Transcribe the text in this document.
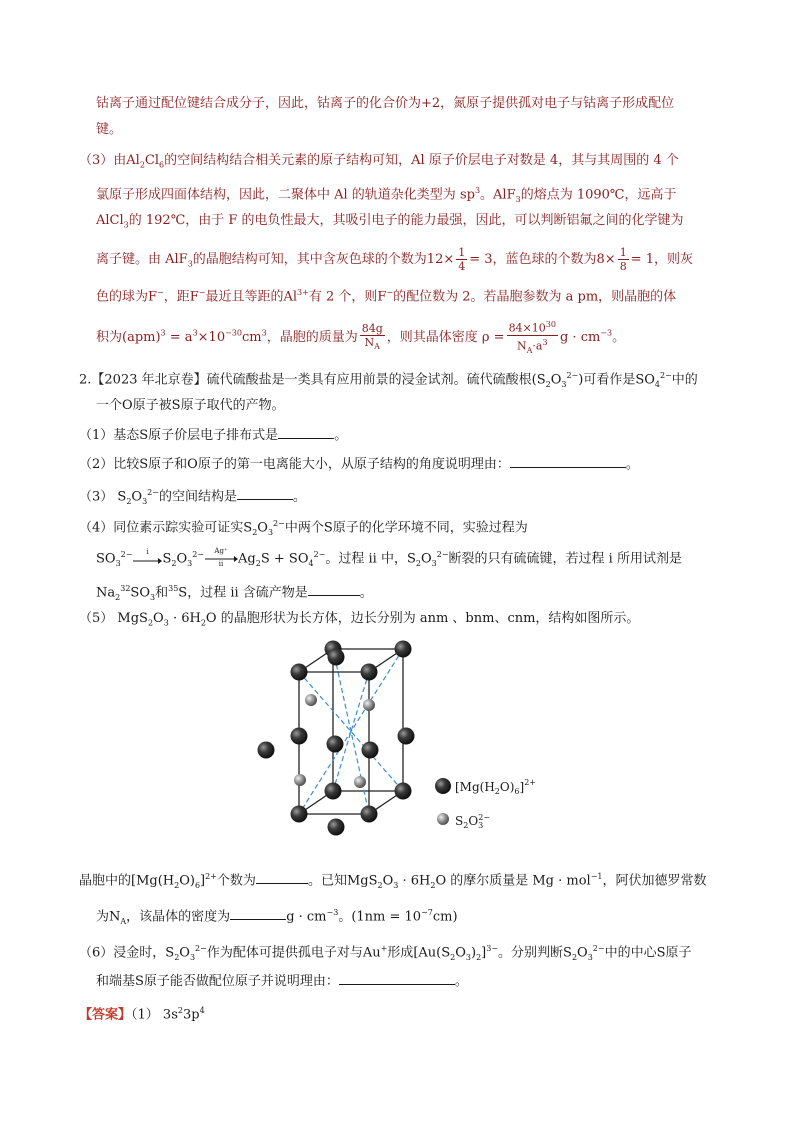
钴离子通过配位键结合成分子，因此，钴离子的化合价为+2，氮原子提供孤对电子与钴离子形成配位
键。
（3）由$Al_2Cl_6$的空间结构结合相关元素的原子结构可知，Al 原子价层电子对数是 4，其与其周围的 4 个
氯原子形成四面体结构，因此，二聚体中 Al 的轨道杂化类型为 $sp^3$。AlF$_3$的熔点为 1090℃，远高于
AlCl$_3$的 192℃，由于 F 的电负性最大，其吸引电子的能力最强，因此，可以判断铝氟之间的化学键为
离子键。由 AlF$_3$的晶胞结构可知，其中含灰色球的个数为$12\times \frac{1}{4} = 3$，蓝色球的个数为$8\times \frac{1}{8} = 1$，则灰
色的球为F−，距F−最近且等距的$Al^{3+}$有 2 个，则F−的配位数为 2。若晶胞参数为 a pm，则晶胞的体
积为$(apm)^3 = a^3\times 10^{-30}cm^3$，晶胞的质量为 $\frac{84g}{N_A}$ ，则其晶体密度 $\rho = \frac{84\times 10^{30}}{N_A\cdot a^3}$ $g \cdot cm^{-3}$。
2.【2023 年北京卷】硫代硫酸盐是一类具有应用前景的浸金试剂。硫代硫酸根$(S_2O_3^{2-})$可看作是$SO_4^{2-}$中的
一个O原子被S原子取代的产物。
（1）基态S原子价层电子排布式是	。
（2）比较S原子和O原子的第一电离能大小，从原子结构的角度说明理由：	。
（3） $S_2O_3^{2-}$的空间结构是	。
（4）同位素示踪实验可证实$S_2O_3^{2-}$中两个S原子的化学环境不同，实验过程为
$SO_3^{2-}$	i	$S_2O_3^{2-}$	Ag⁺
ii	$Ag_2S + SO_4^{2-}$。过程 ii 中，$S_2O_3^{2-}$断裂的只有硫硫键，若过程 i 所用试剂是
$Na_2^{32}SO_3$和$^{35}$S，过程 ii 含硫产物是	。
（5） $MgS_2O_3 \cdot 6H_2O$ 的晶胞形状为长方体，边长分别为 anm 、bnm、cnm，结构如图所示。
$[Mg(H_2O)_6]^{2+}$
$S_2O_32-$
晶胞中的$[Mg(H_2O)_6]^{2+}$个数为	。已知$MgS_2O_3 \cdot 6H_2O$ 的摩尔质量是 Mg · mol$^{-1}$，阿伏加德罗常数
为$N_A$，该晶体的密度为	$g \cdot cm^{-3}$。$(1nm = 10^{-7}cm)$
（6）浸金时，$S_2O_3^{2-}$作为配体可提供孤电子对与Au+形成$[Au(S_2O_3)_2]^{3-}$。分别判断$S_2O_3^{2-}$中的中心S原子
和端基S原子能否做配位原子并说明理由：	。
【答案】（1） $3s^23p^4$
